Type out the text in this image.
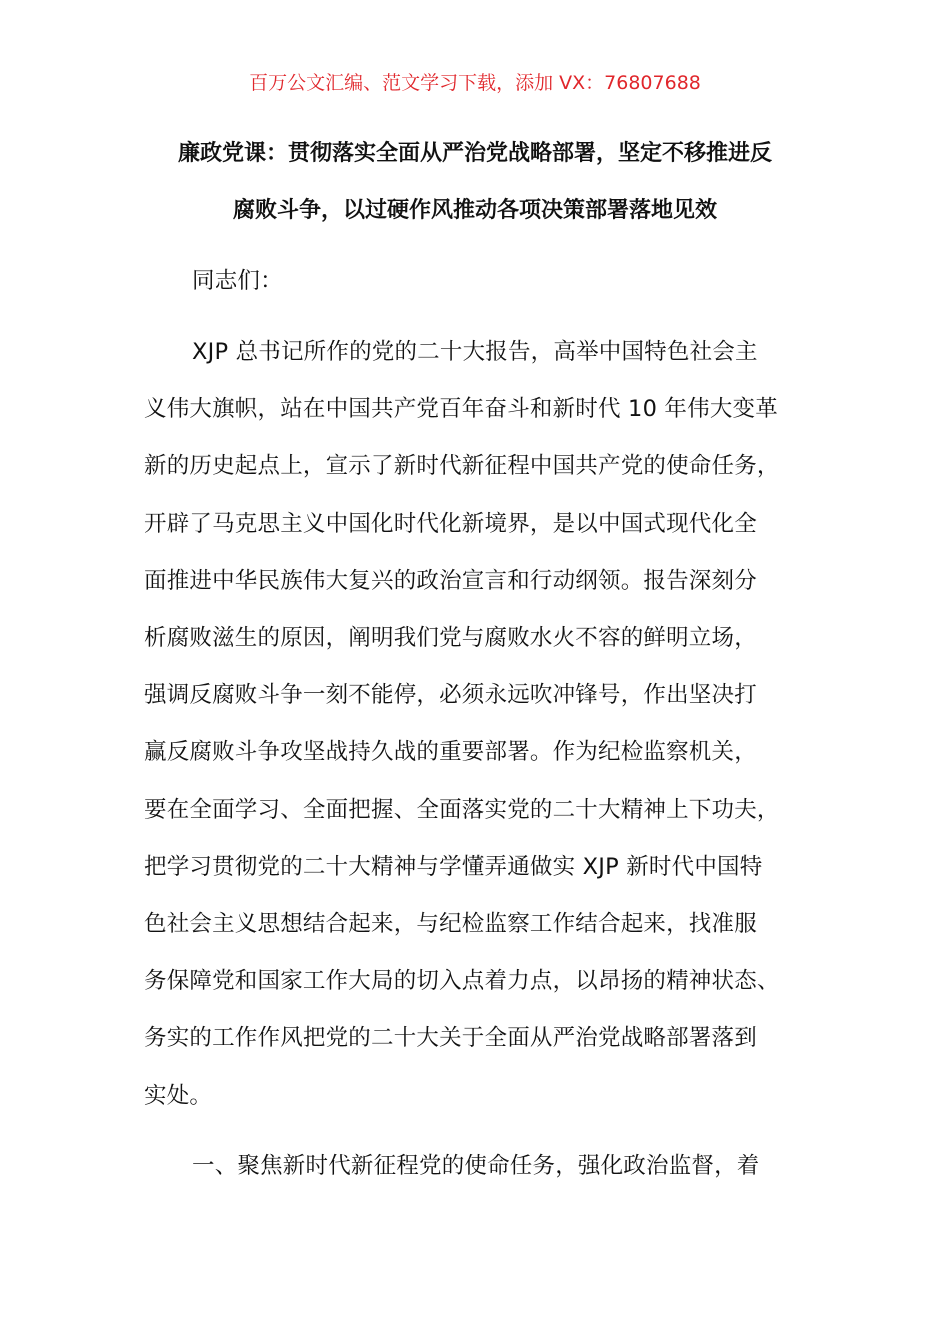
百万公文汇编、范文学习下载，添加 VX：76807688
廉政党课：贯彻落实全面从严治党战略部署，坚定不移推进反
腐败斗争，以过硬作风推动各项决策部署落地见效
同志们：
XJP 总书记所作的党的二十大报告，高举中国特色社会主
义伟大旗帜，站在中国共产党百年奋斗和新时代 10 年伟大变革
新的历史起点上，宣示了新时代新征程中国共产党的使命任务，
开辟了马克思主义中国化时代化新境界，是以中国式现代化全
面推进中华民族伟大复兴的政治宣言和行动纲领。报告深刻分
析腐败滋生的原因，阐明我们党与腐败水火不容的鲜明立场，
强调反腐败斗争一刻不能停，必须永远吹冲锋号，作出坚决打
赢反腐败斗争攻坚战持久战的重要部署。作为纪检监察机关，
要在全面学习、全面把握、全面落实党的二十大精神上下功夫，
把学习贯彻党的二十大精神与学懂弄通做实 XJP 新时代中国特
色社会主义思想结合起来，与纪检监察工作结合起来，找准服
务保障党和国家工作大局的切入点着力点，以昂扬的精神状态、
务实的工作作风把党的二十大关于全面从严治党战略部署落到
实处。
一、聚焦新时代新征程党的使命任务，强化政治监督，着
